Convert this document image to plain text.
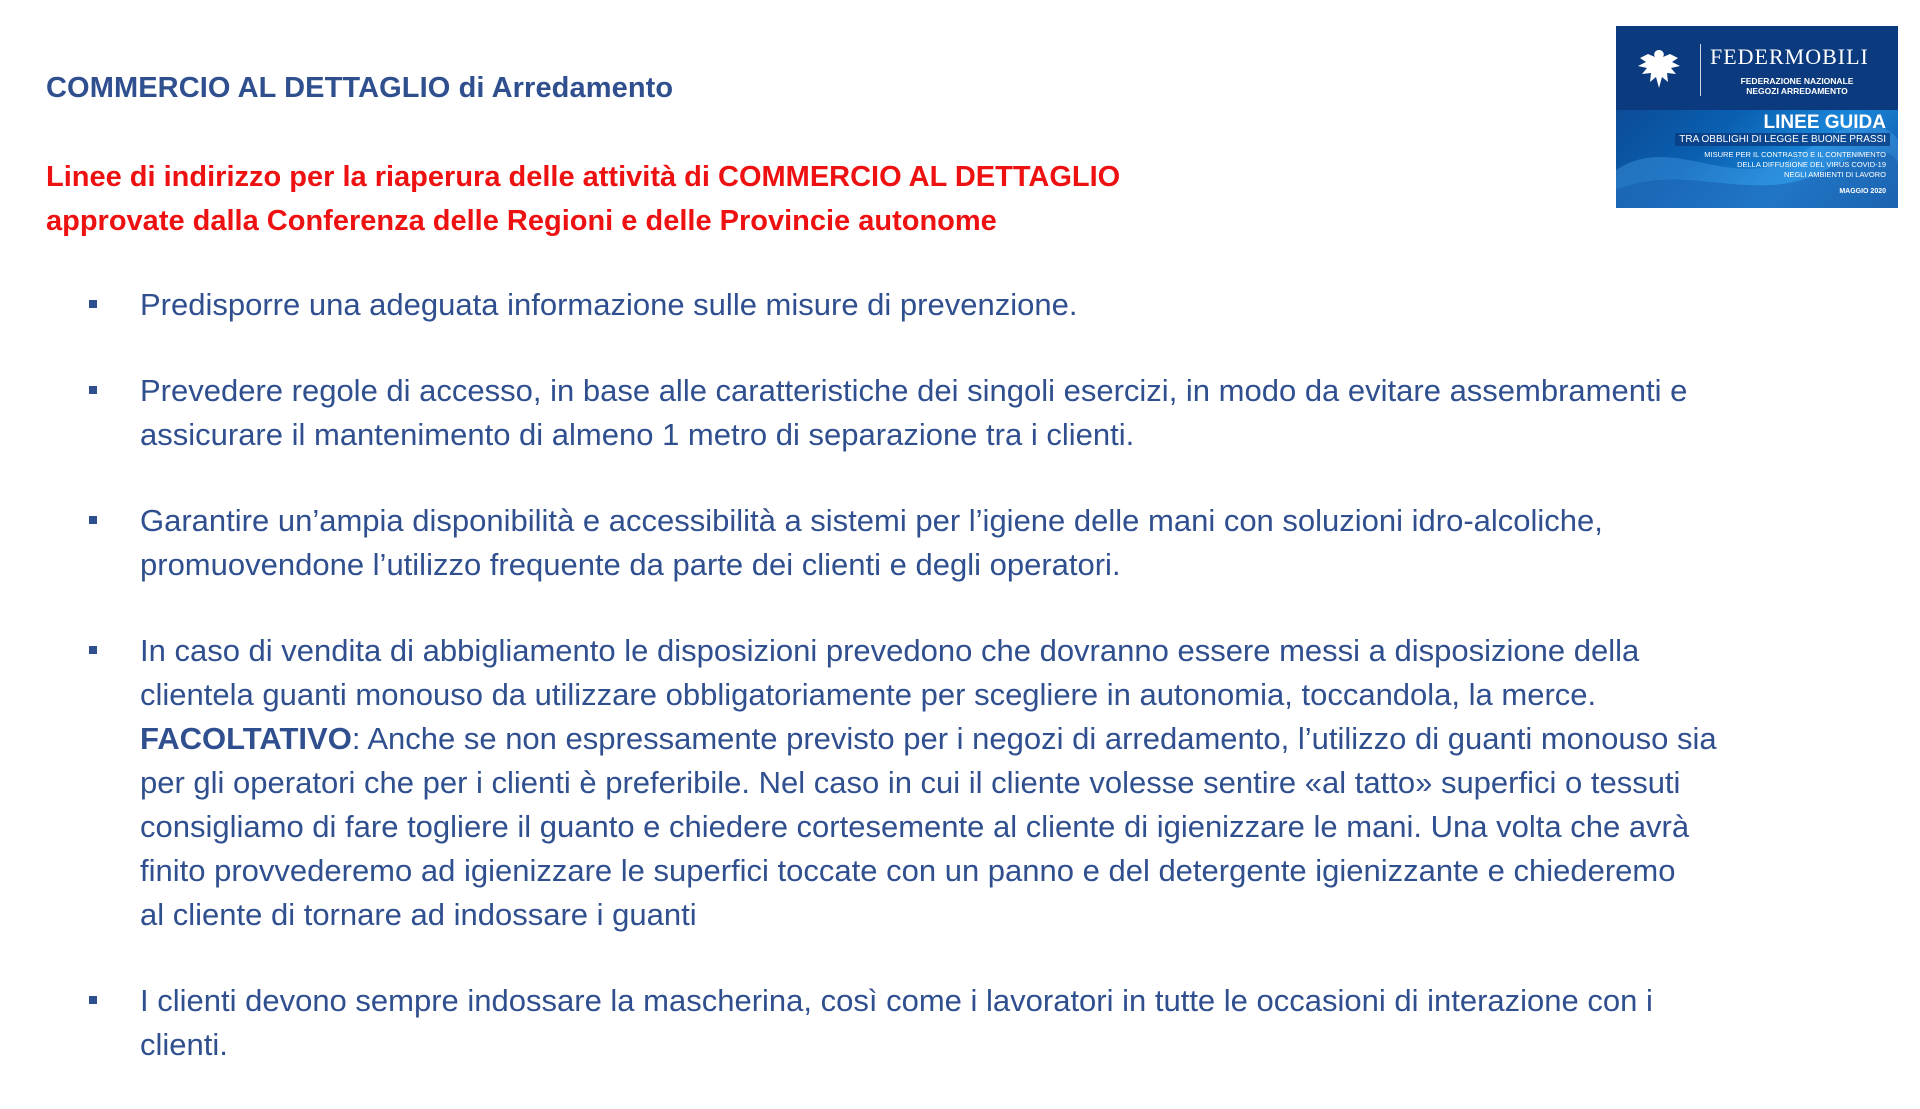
COMMERCIO AL DETTAGLIO di Arredamento

Linee di indirizzo per la riaperura delle attività di COMMERCIO AL DETTAGLIO
approvate dalla Conferenza delle Regioni e delle Provincie autonome

FEDERMOBILI
FEDERAZIONE NAZIONALE
NEGOZI ARREDAMENTO
LINEE GUIDA
TRA OBBLIGHI DI LEGGE E BUONE PRASSI
MISURE PER IL CONTRASTO E IL CONTENIMENTO
DELLA DIFFUSIONE DEL VIRUS COVID-19
NEGLI AMBIENTI DI LAVORO
MAGGIO 2020
Predisporre una adeguata informazione sulle misure di prevenzione.
Prevedere regole di accesso, in base alle caratteristiche dei singoli esercizi, in modo da evitare assembramenti e
assicurare il mantenimento di almeno 1 metro di separazione tra i clienti.
Garantire un’ampia disponibilità e accessibilità a sistemi per l’igiene delle mani con soluzioni idro-alcoliche,
promuovendone l’utilizzo frequente da parte dei clienti e degli operatori.
In caso di vendita di abbigliamento le disposizioni prevedono che dovranno essere messi a disposizione della
clientela guanti monouso da utilizzare obbligatoriamente per scegliere in autonomia, toccandola, la merce.
FACOLTATIVO: Anche se non espressamente previsto per i negozi di arredamento, l’utilizzo di guanti monouso sia
per gli operatori che per i clienti è preferibile. Nel caso in cui il cliente volesse sentire «al tatto» superfici o tessuti
consigliamo di fare togliere il guanto e chiedere cortesemente al cliente di igienizzare le mani. Una volta che avrà
finito provvederemo ad igienizzare le superfici toccate con un panno e del detergente igienizzante e chiederemo
al cliente di tornare ad indossare i guanti
I clienti devono sempre indossare la mascherina, così come i lavoratori in tutte le occasioni di interazione con i
clienti.
